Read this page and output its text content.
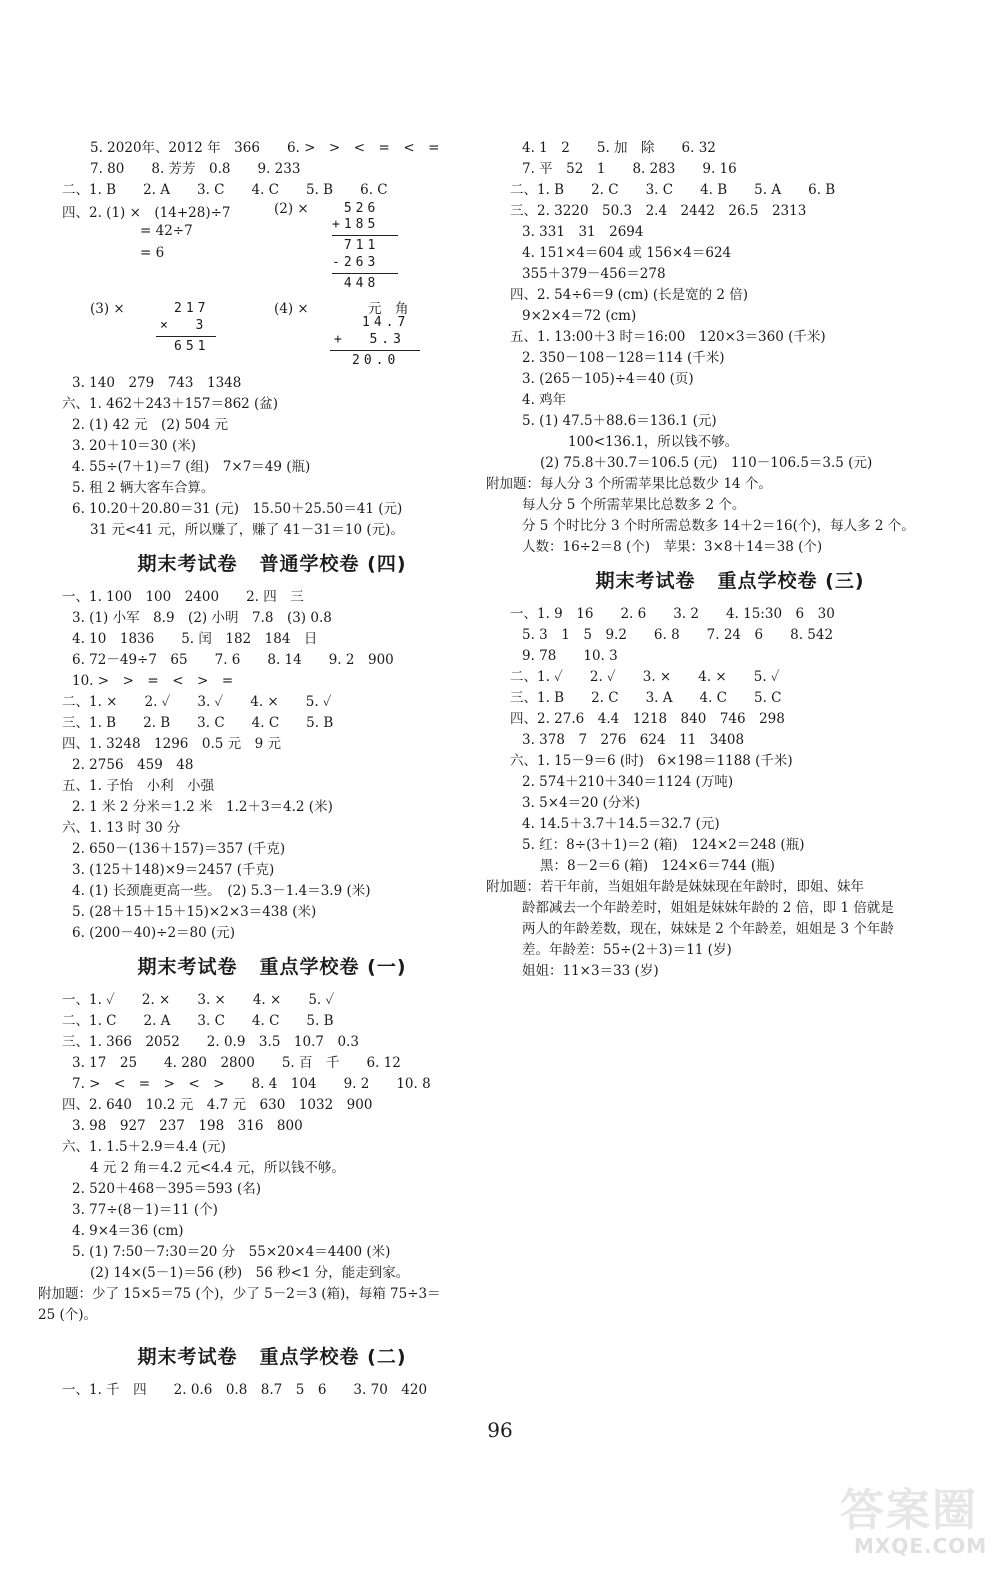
5. 2020年、2012 年　366　　6. >　>　<　=　<　=
7. 80　　8. 芳芳　0.8　　9. 233
二、1. B　　2. A　　3. C　　4. C　　5. B　　6. C
四、2. (1) ×　(14+28)÷7
= 42÷7
= 6
(2) × 526
+185
711
-263
448
(3) ×	217
×  3
651
(4) ×	元　角
14.7
+  5.3
20.0
3. 140　279　743　1348
六、1. 462＋243＋157＝862 (盆)
2. (1) 42 元　(2) 504 元
3. 20＋10＝30 (米)
4. 55÷(7＋1)＝7 (组)　7×7＝49 (瓶)
5. 租 2 辆大客车合算。
6. 10.20＋20.80＝31 (元)　15.50＋25.50＝41 (元)
31 元<41 元，所以赚了，赚了 41－31＝10 (元)。
期末考试卷 普通学校卷 (四)
一、1. 100　100　2400　　2. 四　三
3. (1) 小军　8.9　(2) 小明　7.8　(3) 0.8
4. 10　1836　　5. 闰　182　184　日
6. 72－49÷7　65　　7. 6　　8. 14　　9. 2　900
10. >　>　=　<　>　=
二、1. ×　　2. ✓　　3. ✓　　4. ×　　5. ✓
三、1. B　　2. B　　3. C　　4. C　　5. B
四、1. 3248　1296　0.5 元　9 元
2. 2756　459　48
五、1. 子怡　小利　小强
2. 1 米 2 分米＝1.2 米　1.2＋3＝4.2 (米)
六、1. 13 时 30 分
2. 650－(136＋157)＝357 (千克)
3. (125＋148)×9＝2457 (千克)
4. (1) 长颈鹿更高一些。　(2) 5.3－1.4＝3.9 (米)
5. (28＋15＋15＋15)×2×3＝438 (米)
6. (200－40)÷2＝80 (元)
期末考试卷 重点学校卷 (一)
一、1. ✓　　2. ×　　3. ×　　4. ×　　5. ✓
二、1. C　　2. A　　3. C　　4. C　　5. B
三、1. 366　2052　　2. 0.9　3.5　10.7　0.3
3. 17　25　　4. 280　2800　　5. 百　千　　6. 12
7. >　<　=　>　<　>　　8. 4　104　　9. 2　　10. 8
四、2. 640　10.2 元　4.7 元　630　1032　900
3. 98　927　237　198　316　800
六、1. 1.5＋2.9＝4.4 (元)
4 元 2 角＝4.2 元<4.4 元，所以钱不够。
2. 520＋468－395＝593 (名)
3. 77÷(8－1)＝11 (个)
4. 9×4＝36 (cm)
5. (1) 7:50－7:30＝20 分　55×20×4＝4400 (米)
(2) 14×(5－1)＝56 (秒)　56 秒<1 分，能走到家。
附加题：少了 15×5＝75 (个)，少了 5－2＝3 (箱)，每箱 75÷3＝
25 (个)。
期末考试卷 重点学校卷 (二)
一、1. 千　四　　2. 0.6　0.8　8.7　5　6　　3. 70　420
4. 1　2　　5. 加　除　　6. 32
7. 平　52　1　　8. 283　　9. 16
二、1. B　　2. C　　3. C　　4. B　　5. A　　6. B
三、2. 3220　50.3　2.4　2442　26.5　2313
3. 331　31　2694
4. 151×4＝604 或 156×4＝624
355＋379－456＝278
四、2. 54÷6＝9 (cm) (长是宽的 2 倍)
9×2×4＝72 (cm)
五、1. 13:00＋3 时＝16:00　120×3＝360 (千米)
2. 350－108－128＝114 (千米)
3. (265－105)÷4＝40 (页)
4. 鸡年
5. (1) 47.5＋88.6＝136.1 (元)
100<136.1，所以钱不够。
(2) 75.8＋30.7＝106.5 (元)　110－106.5＝3.5 (元)
附加题：每人分 3 个所需苹果比总数少 14 个。
每人分 5 个所需苹果比总数多 2 个。
分 5 个时比分 3 个时所需总数多 14＋2＝16(个)，每人多 2 个。
人数：16÷2＝8 (个)　苹果：3×8＋14＝38 (个)
期末考试卷 重点学校卷 (三)
一、1. 9　16　　2. 6　　3. 2　　4. 15:30　6　30
5. 3　1　5　9.2　　6. 8　　7. 24　6　　8. 542
9. 78　　10. 3
二、1. ✓　　2. ✓　　3. ×　　4. ×　　5. ✓
三、1. B　　2. C　　3. A　　4. C　　5. C
四、2. 27.6　4.4　1218　840　746　298
3. 378　7　276　624　11　3408
六、1. 15－9＝6 (时)　6×198＝1188 (千米)
2. 574＋210＋340＝1124 (万吨)
3. 5×4＝20 (分米)
4. 14.5＋3.7＋14.5＝32.7 (元)
5. 红：8÷(3＋1)＝2 (箱)　124×2＝248 (瓶)
黑：8－2＝6 (箱)　124×6＝744 (瓶)
附加题：若干年前，当姐姐年龄是妹妹现在年龄时，即姐、妹年
龄都减去一个年龄差时，姐姐是妹妹年龄的 2 倍，即 1 倍就是
两人的年龄差数，现在，妹妹是 2 个年龄差，姐姐是 3 个年龄
差。年龄差：55÷(2＋3)＝11 (岁)
姐姐：11×3＝33 (岁)
96
答案圈
MXQE.COM
